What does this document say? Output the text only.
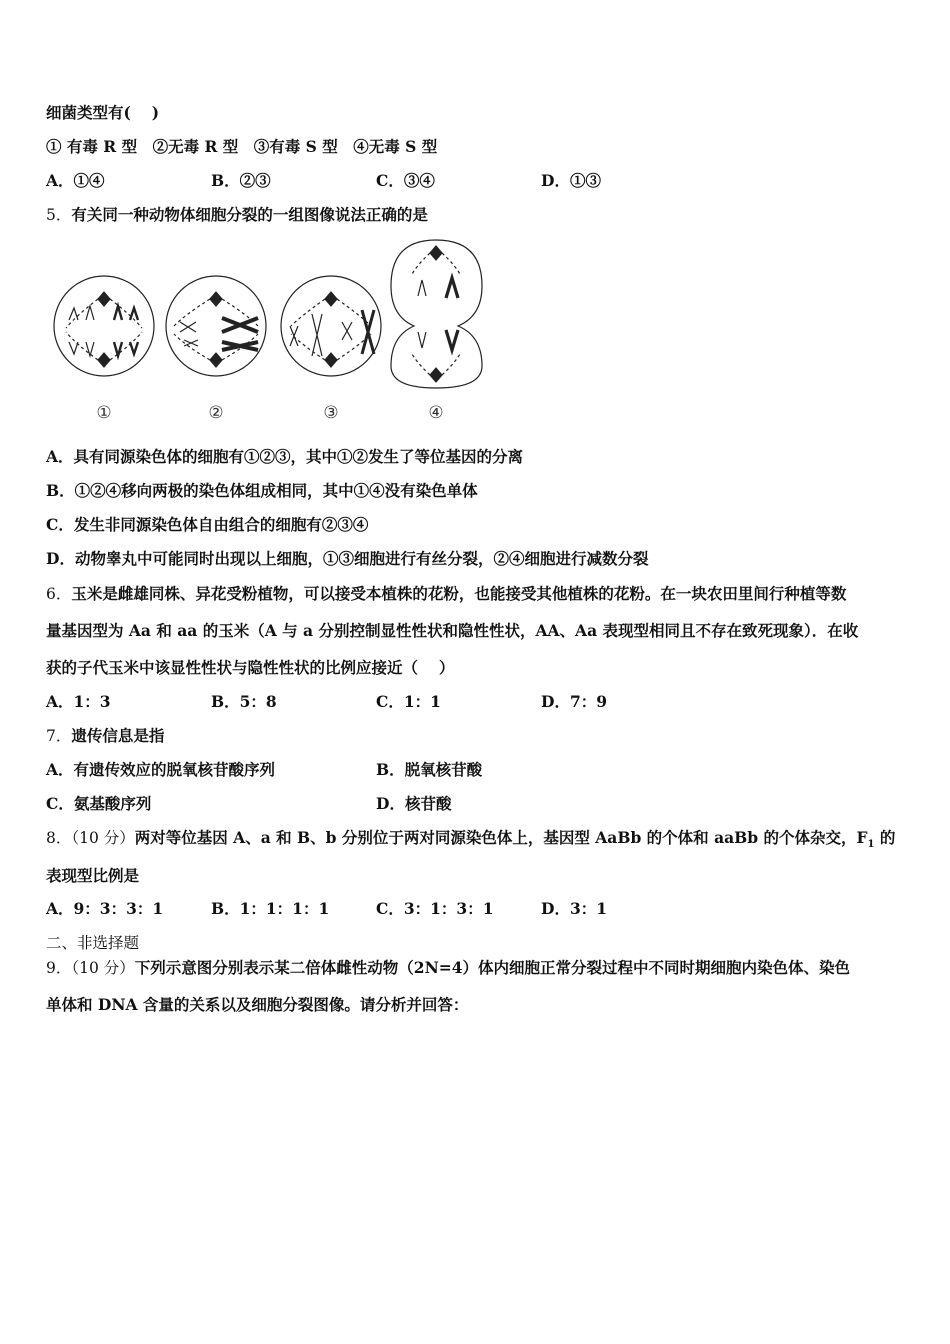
细菌类型有(　 )
① 有毒 R 型　②无毒 R 型　③有毒 S 型　④无毒 S 型
A．①④	B．②③	C．③④	D．①③
5．有关同一种动物体细胞分裂的一组图像说法正确的是
①	②	③	④
A．具有同源染色体的细胞有①②③，其中①②发生了等位基因的分离
B．①②④移向两极的染色体组成相同，其中①④没有染色单体
C．发生非同源染色体自由组合的细胞有②③④
D．动物睾丸中可能同时出现以上细胞，①③细胞进行有丝分裂，②④细胞进行减数分裂
6．玉米是雌雄同株、异花受粉植物，可以接受本植株的花粉，也能接受其他植株的花粉。在一块农田里间行种植等数
量基因型为 Aa 和 aa 的玉米（A 与 a 分别控制显性性状和隐性性状，AA、Aa 表现型相同且不存在致死现象）．在收
获的子代玉米中该显性性状与隐性性状的比例应接近（　 ）
A．1：3	B．5：8	C．1：1	D．7：9
7．遗传信息是指
A．有遗传效应的脱氧核苷酸序列	B．脱氧核苷酸
C．氨基酸序列	D．核苷酸
8．（10 分）两对等位基因 A、a 和 B、b 分别位于两对同源染色体上，基因型 AaBb 的个体和 aaBb 的个体杂交，$F_1$ 的
表现型比例是
A．9：3：3：1	B．1：1：1：1	C．3：1：3：1	D．3：1
二、非选择题
9．（10 分）下列示意图分别表示某二倍体雌性动物（2N=4）体内细胞正常分裂过程中不同时期细胞内染色体、染色
单体和 DNA 含量的关系以及细胞分裂图像。请分析并回答：
